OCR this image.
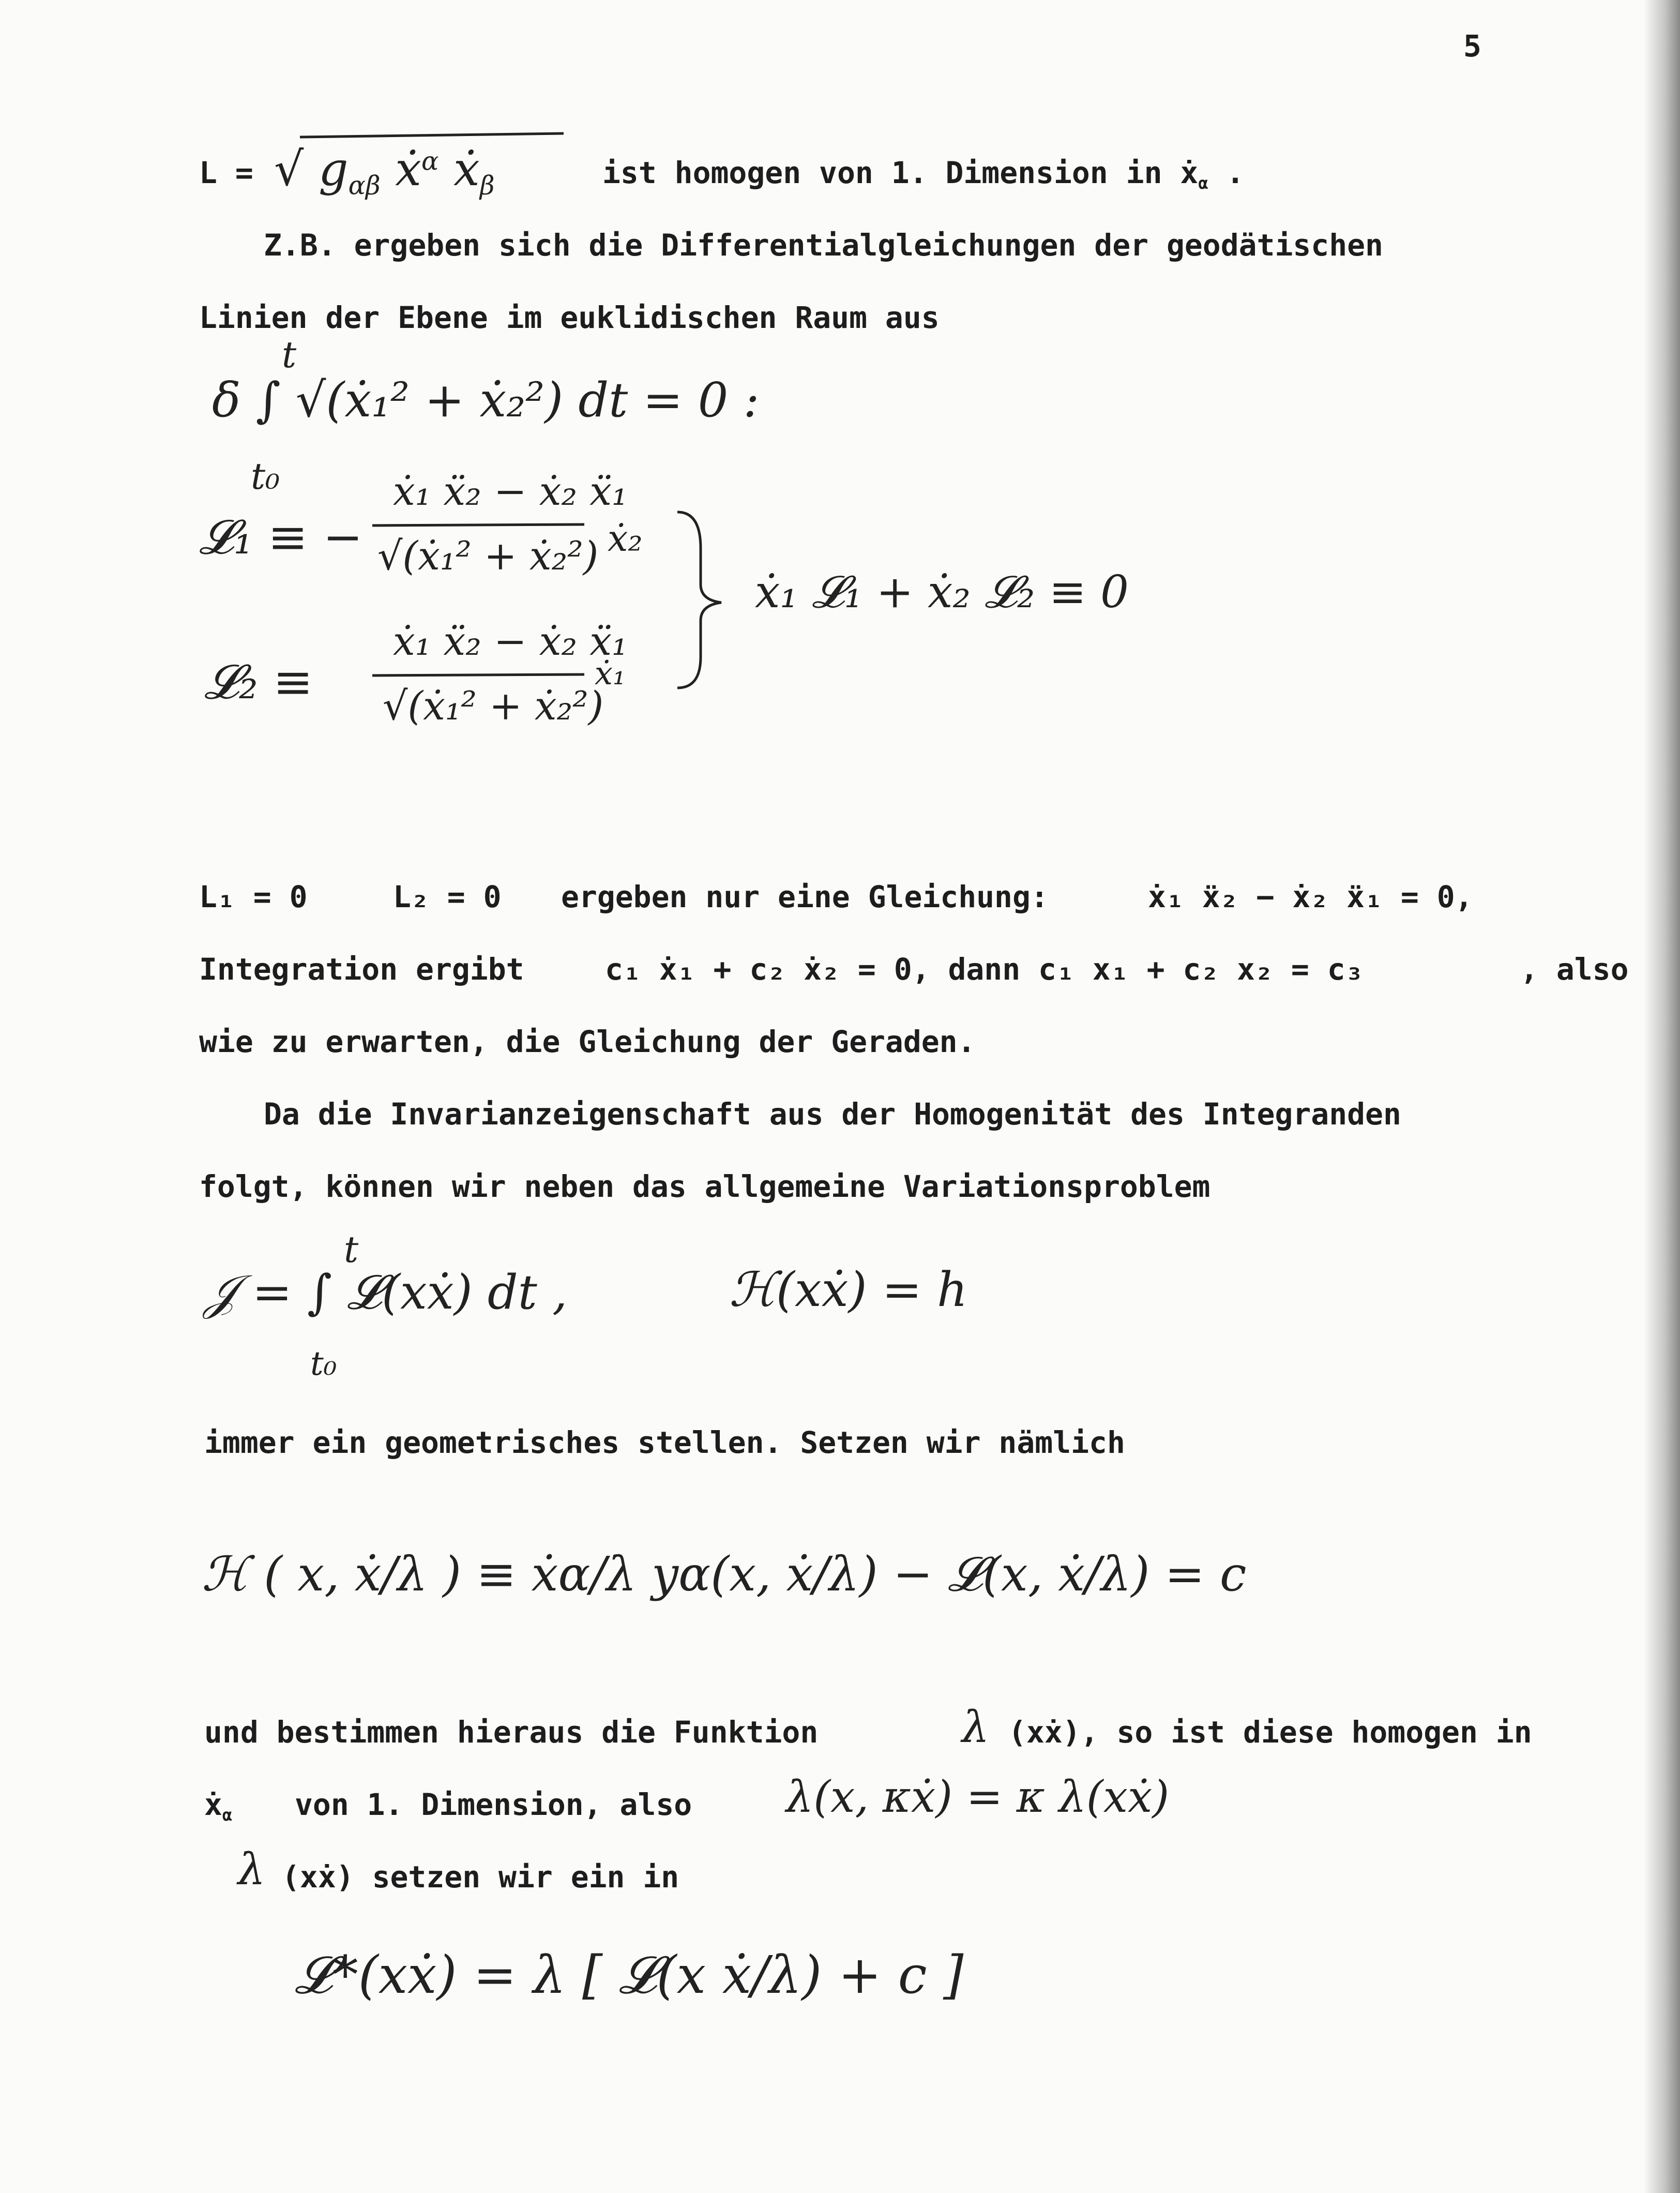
5
L = √ $g_{\alpha\beta}$ ẋ$^\alpha$ ẋ$_\beta$	ist homogen von 1. Dimension in ẋ$_\alpha$ .
Z.B. ergeben sich die Differentialgleichungen der geodätischen
Linien der Ebene im euklidischen Raum aus
t
δ ∫ √(ẋ₁² + ẋ₂²) dt = 0 :
t₀
𝓛₁ ≡ −
ẋ₁ ẍ₂ − ẋ₂ ẍ₁
√(ẋ₁² + ẋ₂²) ẋ₂
𝓛₂ ≡
ẋ₁ ẍ₂ − ẋ₂ ẍ₁
√(ẋ₁² + ẋ₂²)
ẋ₁
ẋ₁ 𝓛₁ + ẋ₂ 𝓛₂ ≡ 0
L₁ = 0	L₂ = 0 ergeben nur eine Gleichung:	ẋ₁ ẍ₂ − ẋ₂ ẍ₁ = 0,
Integration ergibt	c₁ ẋ₁ + c₂ ẋ₂ = 0, dann c₁ x₁ + c₂ x₂ = c₃	, also
wie zu erwarten, die Gleichung der Geraden.
Da die Invarianzeigenschaft aus der Homogenität des Integranden
folgt, können wir neben das allgemeine Variationsproblem
t
𝒥 = ∫ 𝓛(xẋ) dt ,
t₀
ℋ(xẋ) = h
immer ein geometrisches stellen. Setzen wir nämlich
ℋ ( x, ẋ/λ ) ≡ ẋα/λ yα(x, ẋ/λ) − 𝓛(x, ẋ/λ) = c
und bestimmen hieraus die Funktion	λ (xẋ), so ist diese homogen in
ẋ$_\alpha$ von 1. Dimension, also λ(x, κẋ) = κ λ(xẋ)
λ (xẋ) setzen wir ein in
𝓛*(xẋ) = λ [ 𝓛(x ẋ/λ) + c ]
